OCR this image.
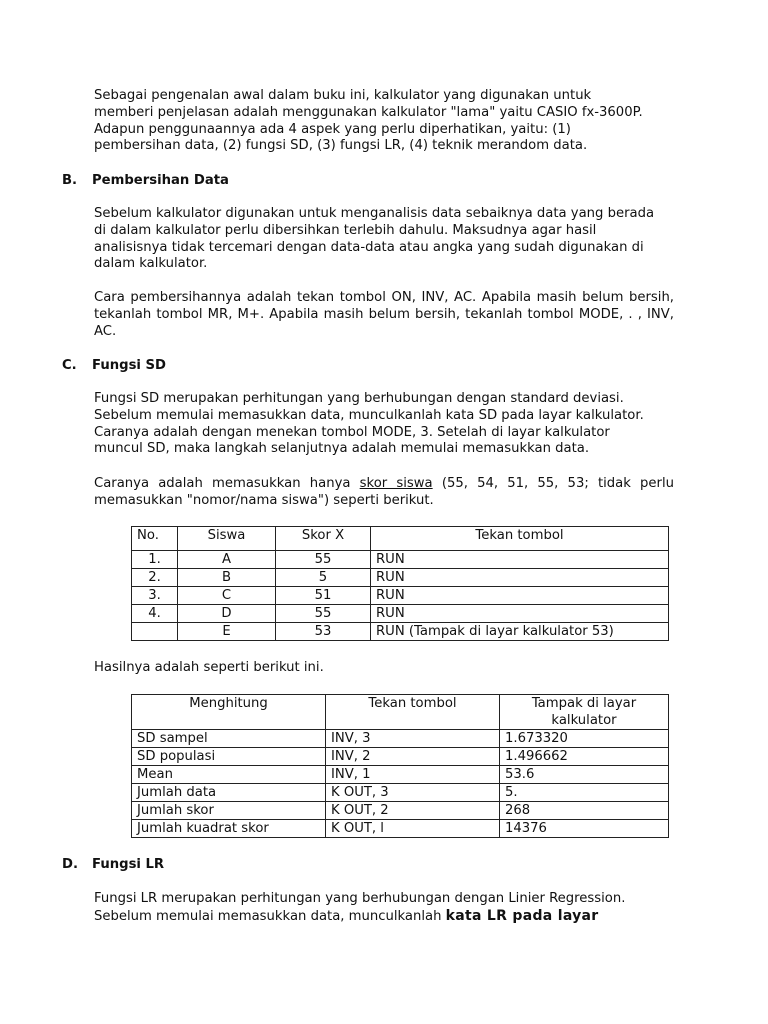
Sebagai pengenalan awal dalam buku ini, kalkulator yang digunakan untuk
memberi penjelasan adalah menggunakan kalkulator "lama" yaitu CASIO fx-3600P.
Adapun penggunaannya ada 4 aspek yang perlu diperhatikan, yaitu: (1)
pembersihan data, (2) fungsi SD, (3) fungsi LR, (4) teknik merandom data.
B. Pembersihan Data
Sebelum kalkulator digunakan untuk menganalisis data sebaiknya data yang berada
di dalam kalkulator perlu dibersihkan terlebih dahulu. Maksudnya agar hasil
analisisnya tidak tercemari dengan data-data atau angka yang sudah digunakan di
dalam kalkulator.
Cara pembersihannya adalah tekan tombol ON, INV, AC. Apabila masih belum bersih, tekanlah tombol MR, M+. Apabila masih belum bersih, tekanlah tombol MODE, . , INV, AC.
C. Fungsi SD
Fungsi SD merupakan perhitungan yang berhubungan dengan standard deviasi.
Sebelum memulai memasukkan data, munculkanlah kata SD pada layar kalkulator.
Caranya adalah dengan menekan tombol MODE, 3. Setelah di layar kalkulator
muncul SD, maka langkah selanjutnya adalah memulai memasukkan data.
Caranya adalah memasukkan hanya skor siswa (55, 54, 51, 55, 53; tidak perlu memasukkan "nomor/nama siswa") seperti berikut.
No.	Siswa	Skor X	Tekan tombol
1.	A	55	RUN
2.	B	5	RUN
3.	C	51	RUN
4.	D	55	RUN
	E	53	RUN (Tampak di layar kalkulator 53)
Hasilnya adalah seperti berikut ini.
Menghitung	Tekan tombol	Tampak di layar kalkulator
SD sampel	INV, 3	1.673320
SD populasi	INV, 2	1.496662
Mean	INV, 1	53.6
Jumlah data	K OUT, 3	5.
Jumlah skor	K OUT, 2	268
Jumlah kuadrat skor	K OUT, l	14376
D. Fungsi LR
Fungsi LR merupakan perhitungan yang berhubungan dengan Linier Regression.
Sebelum memulai memasukkan data, munculkanlah kata LR pada layar
